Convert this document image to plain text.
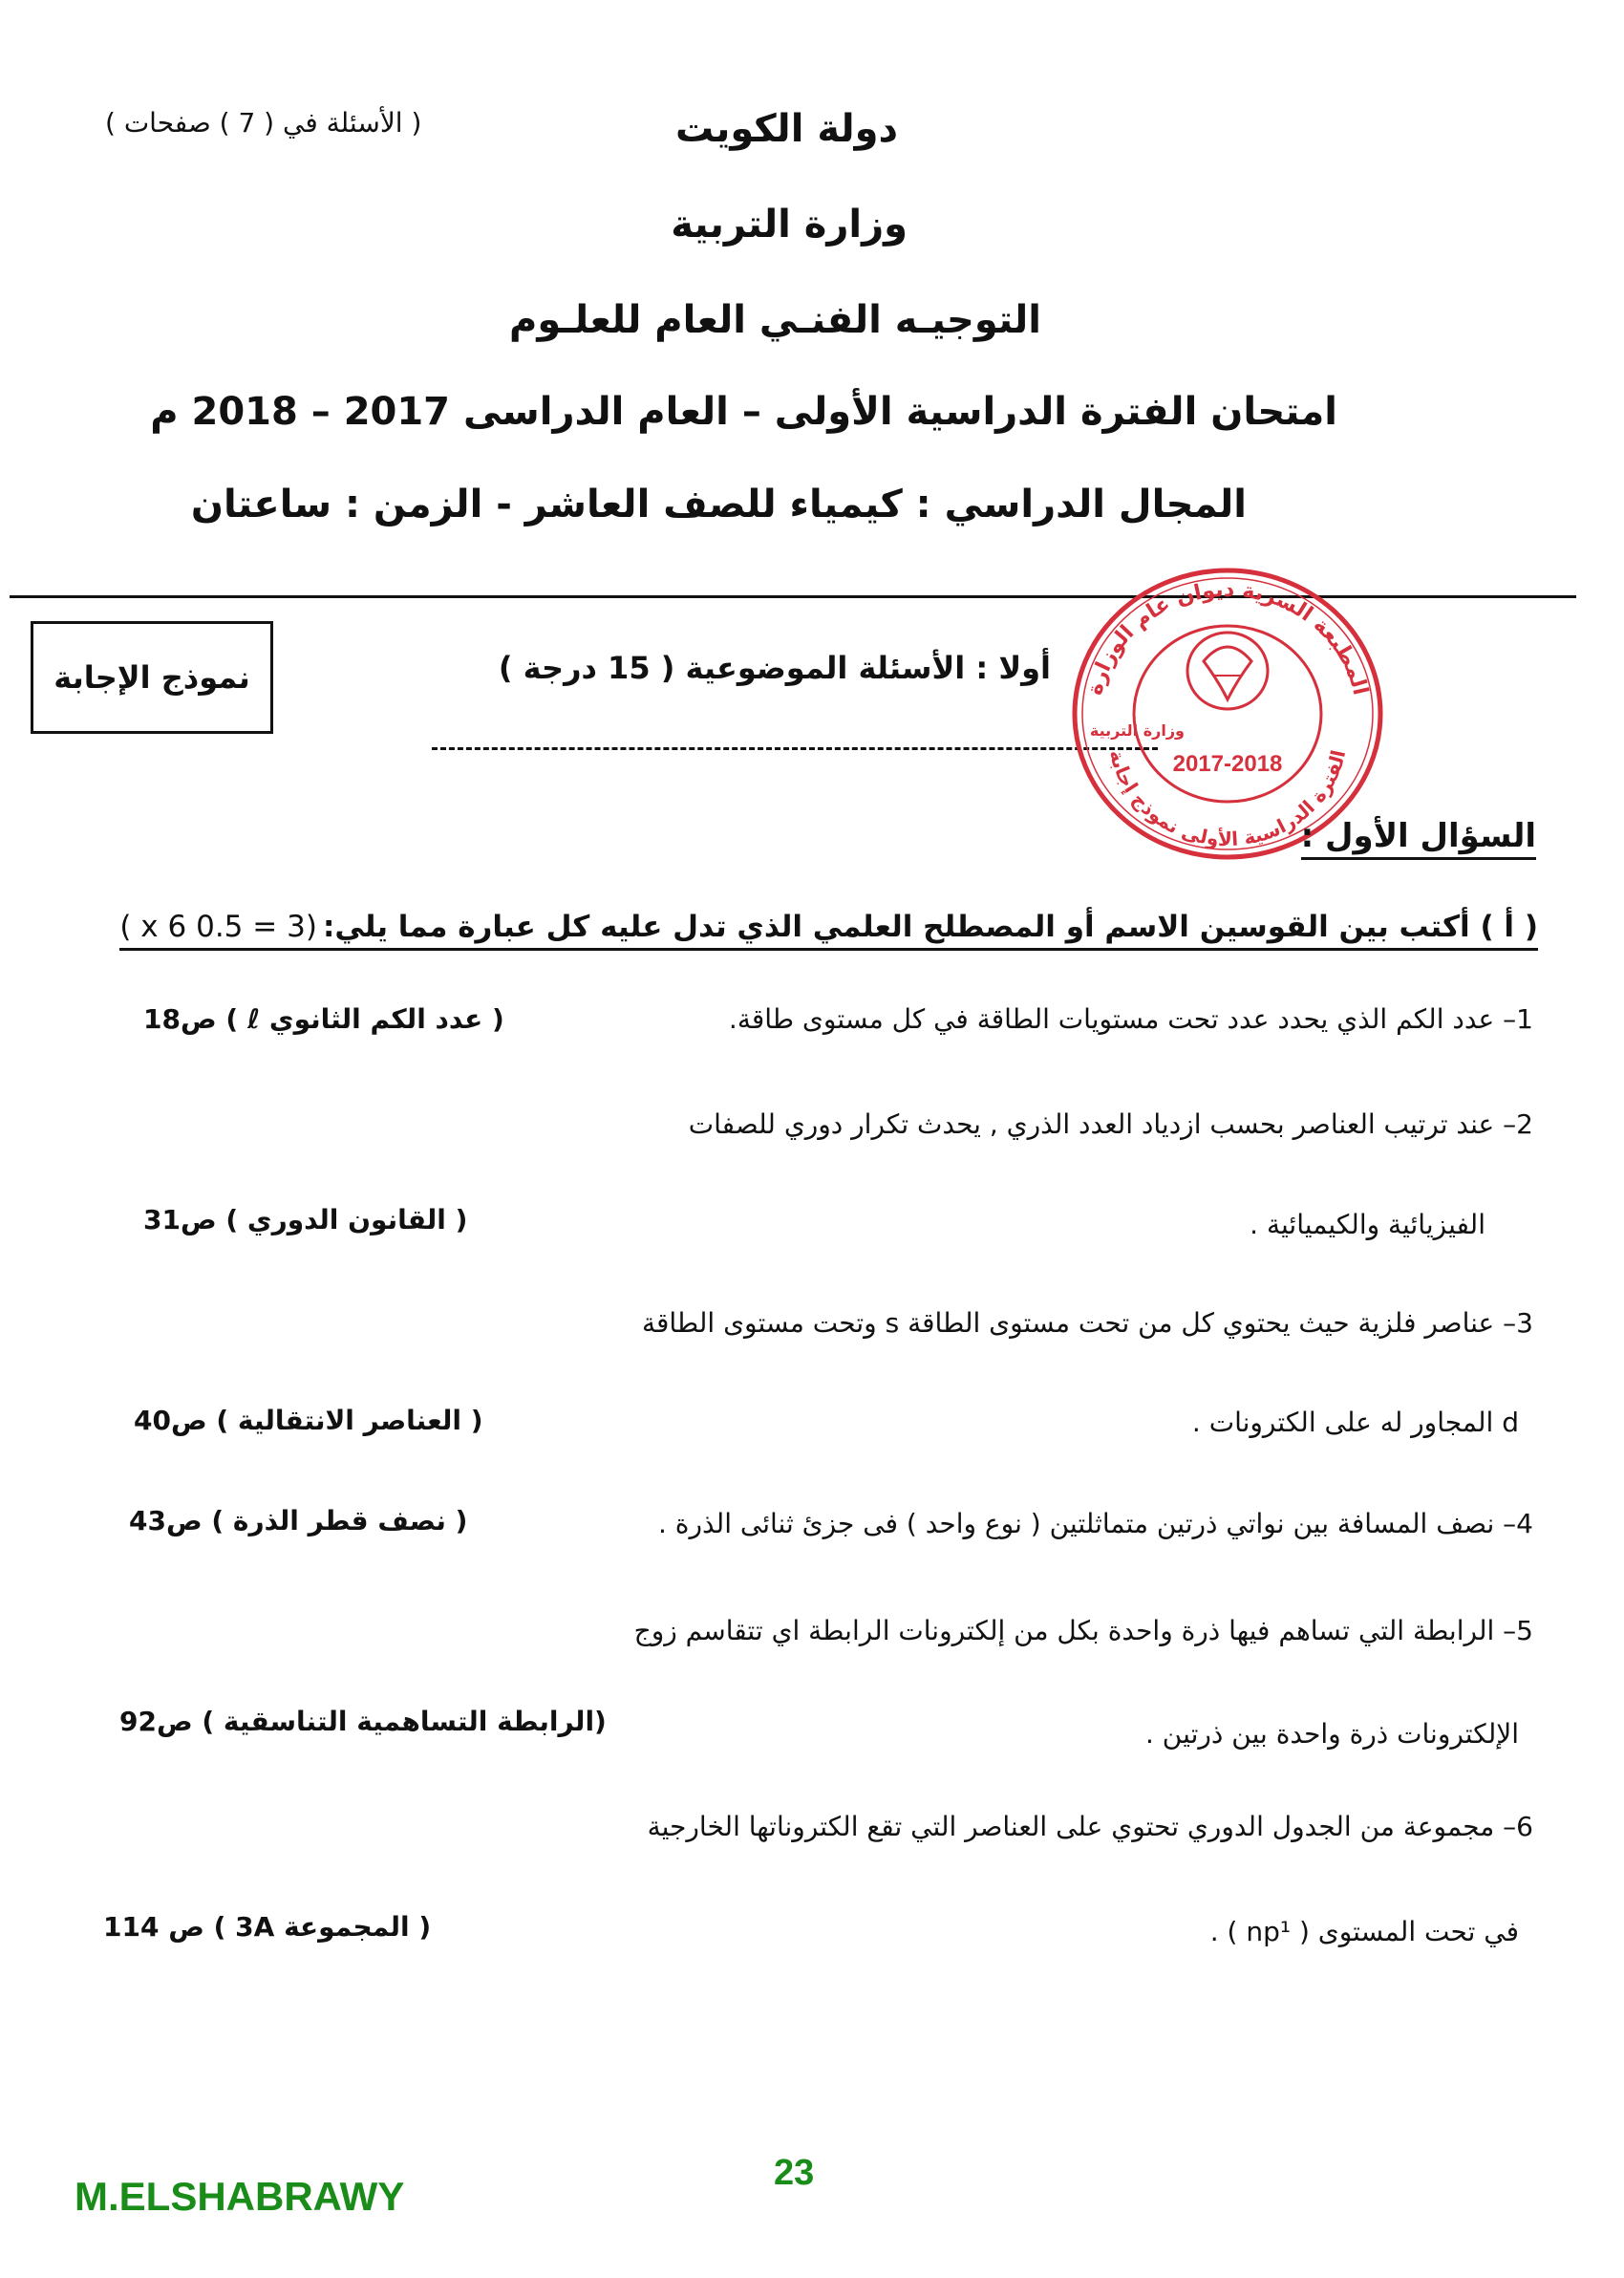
( الأسئلة في ( 7 ) صفحات )	دولة الكويت
وزارة التربية
التوجيـه الفنـي العام للعلـوم
امتحان الفترة الدراسية الأولى – العام الدراسى 2017 – 2018 م
المجال الدراسي : كيمياء للصف العاشر - الزمن : ساعتان
نموذج الإجابة	أولا : الأسئلة الموضوعية ( 15 درجة )
المطبعة السرية ديوان عام الوزارة
الفترة الدراسية الأولى نموذج إجابة
وزارة التربية
2017-2018
السؤال الأول :
( أ ) أكتب بين القوسين الاسم أو المصطلح العلمي الذي تدل عليه كل عبارة مما يلي:(3 = 0.5 x 6 )
1– عدد الكم الذي يحدد عدد تحت مستويات الطاقة في كل مستوى طاقة.
( عدد الكم الثانوي ℓ ) ص18
2– عند ترتيب العناصر بحسب ازدياد العدد الذري , يحدث تكرار دوري للصفات
الفيزيائية والكيميائية .
( القانون الدوري ) ص31
3– عناصر فلزية حيث يحتوي كل من تحت مستوى الطاقة s وتحت مستوى الطاقة
d المجاور له على الكترونات .
( العناصر الانتقالية ) ص40
4– نصف المسافة بين نواتي ذرتين متماثلتين ( نوع واحد ) فى جزئ ثنائى الذرة .
( نصف قطر الذرة ) ص43
5– الرابطة التي تساهم فيها ذرة واحدة بكل من إلكترونات الرابطة اي تتقاسم زوج
الإلكترونات ذرة واحدة بين ذرتين .
(الرابطة التساهمية التناسقية ) ص92
6– مجموعة من الجدول الدوري تحتوي على العناصر التي تقع الكتروناتها الخارجية
في تحت المستوى ( np¹ ) .
( المجموعة 3A ) ص 114
23
M.ELSHABRAWY
